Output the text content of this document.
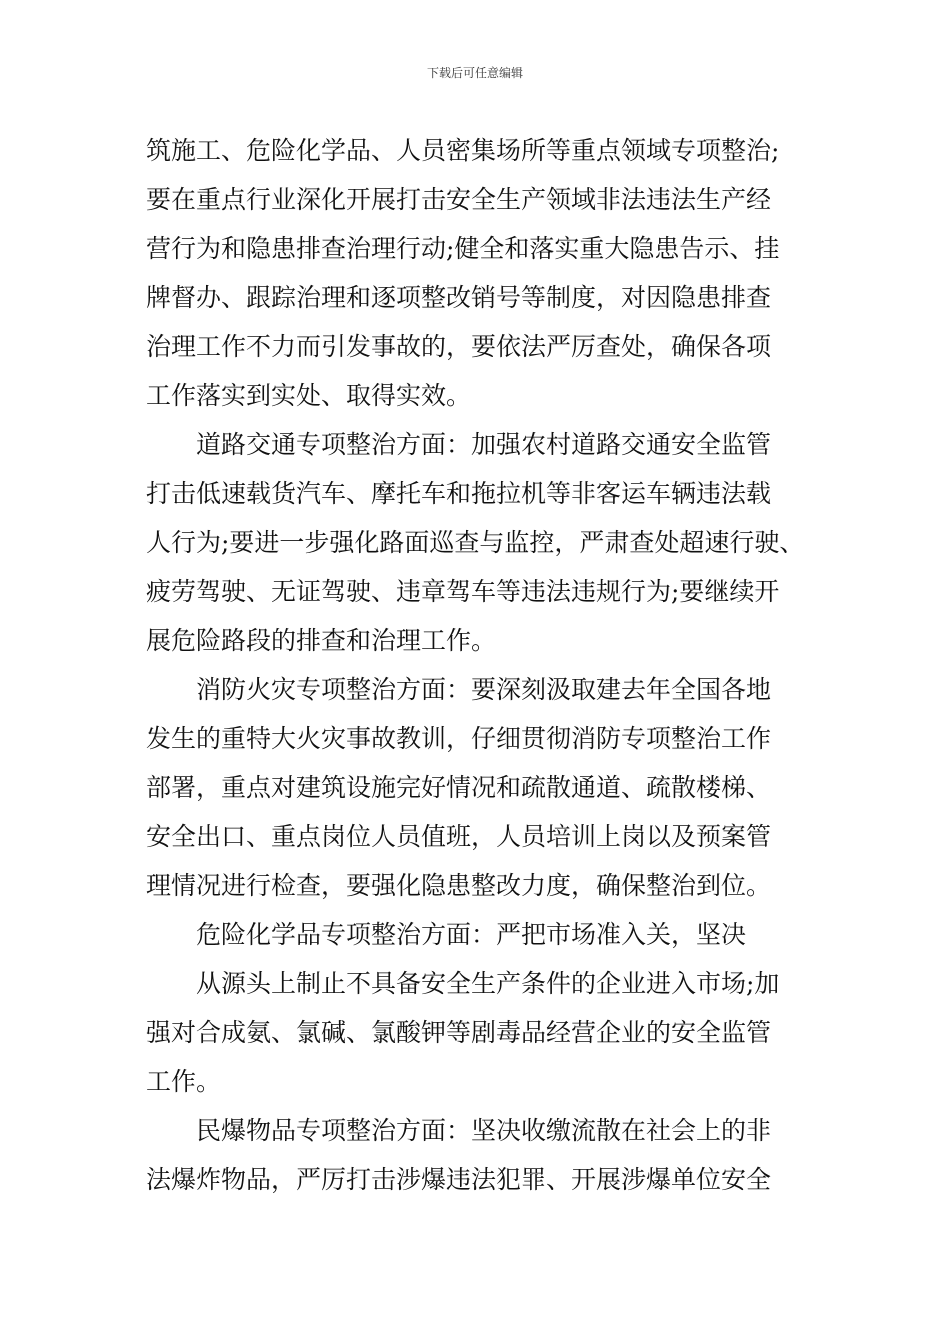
下载后可任意编辑
筑施工、危险化学品、人员密集场所等重点领域专项整治;
要在重点行业深化开展打击安全生产领域非法违法生产经
营行为和隐患排查治理行动;健全和落实重大隐患告示、挂
牌督办、跟踪治理和逐项整改销号等制度，对因隐患排查
治理工作不力而引发事故的，要依法严厉查处，确保各项
工作落实到实处、取得实效。
道路交通专项整治方面：加强农村道路交通安全监管
打击低速载货汽车、摩托车和拖拉机等非客运车辆违法载
人行为;要进一步强化路面巡查与监控，严肃查处超速行驶、
疲劳驾驶、无证驾驶、违章驾车等违法违规行为;要继续开
展危险路段的排查和治理工作。
消防火灾专项整治方面：要深刻汲取建去年全国各地
发生的重特大火灾事故教训，仔细贯彻消防专项整治工作
部署，重点对建筑设施完好情况和疏散通道、疏散楼梯、
安全出口、重点岗位人员值班，人员培训上岗以及预案管
理情况进行检查，要强化隐患整改力度，确保整治到位。
危险化学品专项整治方面：严把市场准入关，坚决
从源头上制止不具备安全生产条件的企业进入市场;加
强对合成氨、氯碱、氯酸钾等剧毒品经营企业的安全监管
工作。
民爆物品专项整治方面：坚决收缴流散在社会上的非
法爆炸物品，严厉打击涉爆违法犯罪、开展涉爆单位安全
